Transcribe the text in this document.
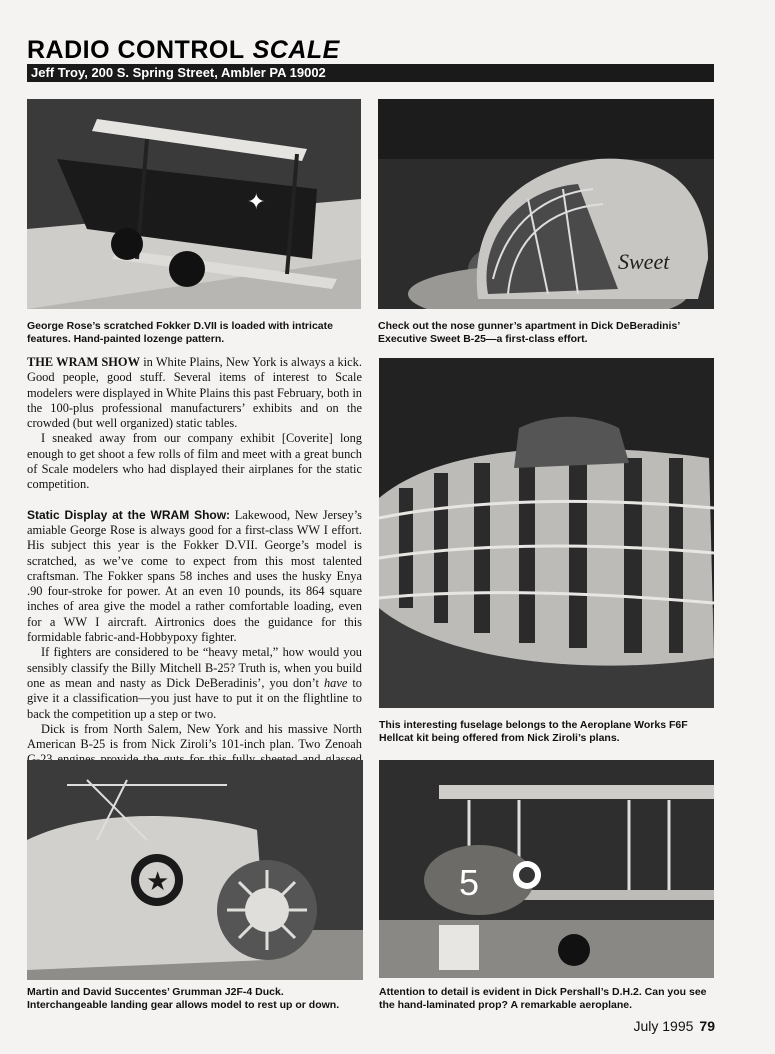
RADIO CONTROL SCALE
Jeff Troy, 200 S. Spring Street, Ambler PA 19002
✦
George Rose’s scratched Fokker D.VII is loaded with intricate features. Hand-painted lozenge pattern.
Sweet
Check out the nose gunner’s apartment in Dick DeBeradinis’ Executive Sweet B-25—a first-class effort.
This interesting fuselage belongs to the Aeroplane Works F6F Hellcat kit being offered from Nick Ziroli’s plans.

THE WRAM SHOW in White Plains, New York is always a kick. Good people, good stuff. Several items of interest to Scale modelers were displayed in White Plains this past February, both in the 100-plus professional manufacturers’ exhibits and on the crowded (but well organized) static tables.

I sneaked away from our company exhibit [Coverite] long enough to get shoot a few rolls of film and meet with a great bunch of Scale modelers who had displayed their airplanes for the static competition.

Static Display at the WRAM Show: Lakewood, New Jersey’s amiable George Rose is always good for a first-class WW I effort. His subject this year is the Fokker D.VII. George’s model is scratched, as we’ve come to expect from this most talented craftsman. The Fokker spans 58 inches and uses the husky Enya .90 four-stroke for power. At an even 10 pounds, its 864 square inches of area give the model a rather comfortable loading, even for a WW I aircraft. Airtronics does the guidance for this formidable fabric-and-Hobbypoxy fighter.

If fighters are considered to be “heavy metal,” how would you sensibly classify the Billy Mitchell B-25? Truth is, when you build one as mean and nasty as Dick DeBeradinis’, you don’t have to give it a classification—you just have to put it on the flightline to back the competition up a step or two.

Dick is from North Salem, New York and his massive North American B-25 is from Nick Ziroli’s 101-inch plan. Two Zenoah

★
Martin and David Succentes’ Grumman J2F-4 Duck. Interchangeable landing gear allows model to rest up or down.
5
Attention to detail is evident in Dick Pershall’s D.H.2. Can you see the hand-laminated prop? A remarkable aeroplane.
July 1995 79
